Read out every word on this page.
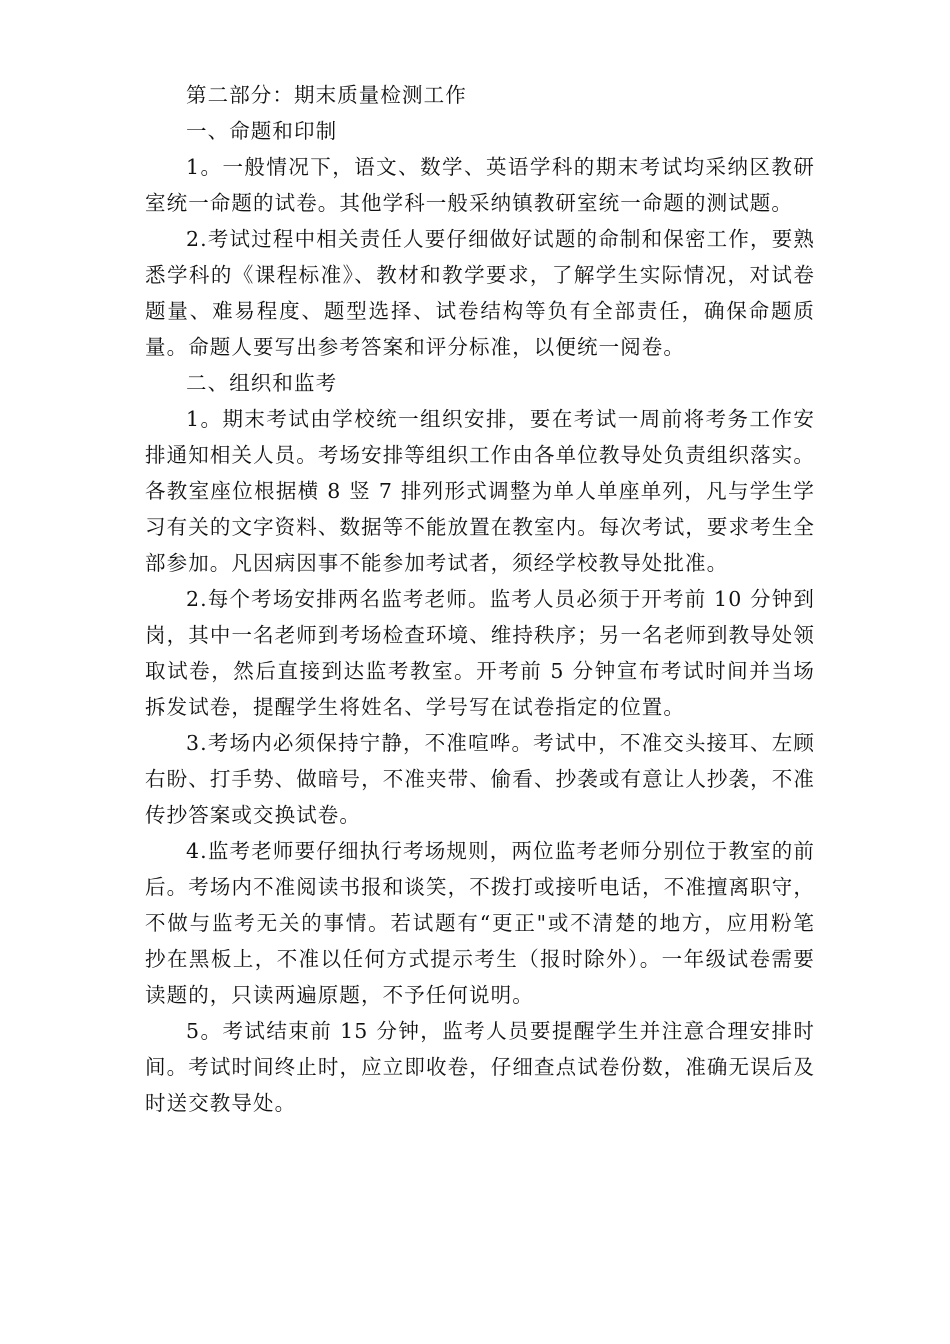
第二部分：期末质量检测工作

一、命题和印制

1。一般情况下，语文、数学、英语学科的期末考试均采纳区教研室统一命题的试卷。其他学科一般采纳镇教研室统一命题的测试题。

2.考试过程中相关责任人要仔细做好试题的命制和保密工作，要熟悉学科的《课程标准》、教材和教学要求，了解学生实际情况，对试卷题量、难易程度、题型选择、试卷结构等负有全部责任，确保命题质量。命题人要写出参考答案和评分标准，以便统一阅卷。

二、组织和监考

1。期末考试由学校统一组织安排，要在考试一周前将考务工作安排通知相关人员。考场安排等组织工作由各单位教导处负责组织落实。各教室座位根据横 8 竖 7 排列形式调整为单人单座单列，凡与学生学习有关的文字资料、数据等不能放置在教室内。每次考试，要求考生全部参加。凡因病因事不能参加考试者，须经学校教导处批准。

2.每个考场安排两名监考老师。监考人员必须于开考前 10 分钟到岗，其中一名老师到考场检查环境、维持秩序；另一名老师到教导处领取试卷，然后直接到达监考教室。开考前 5 分钟宣布考试时间并当场拆发试卷，提醒学生将姓名、学号写在试卷指定的位置。

3.考场内必须保持宁静，不准喧哗。考试中，不准交头接耳、左顾右盼、打手势、做暗号，不准夹带、偷看、抄袭或有意让人抄袭，不准传抄答案或交换试卷。

4.监考老师要仔细执行考场规则，两位监考老师分别位于教室的前后。考场内不准阅读书报和谈笑，不拨打或接听电话，不准擅离职守，不做与监考无关的事情。若试题有“更正"或不清楚的地方，应用粉笔抄在黑板上，不准以任何方式提示考生（报时除外）。一年级试卷需要读题的，只读两遍原题，不予任何说明。

5。考试结束前 15 分钟，监考人员要提醒学生并注意合理安排时间。考试时间终止时，应立即收卷，仔细查点试卷份数，准确无误后及时送交教导处。
